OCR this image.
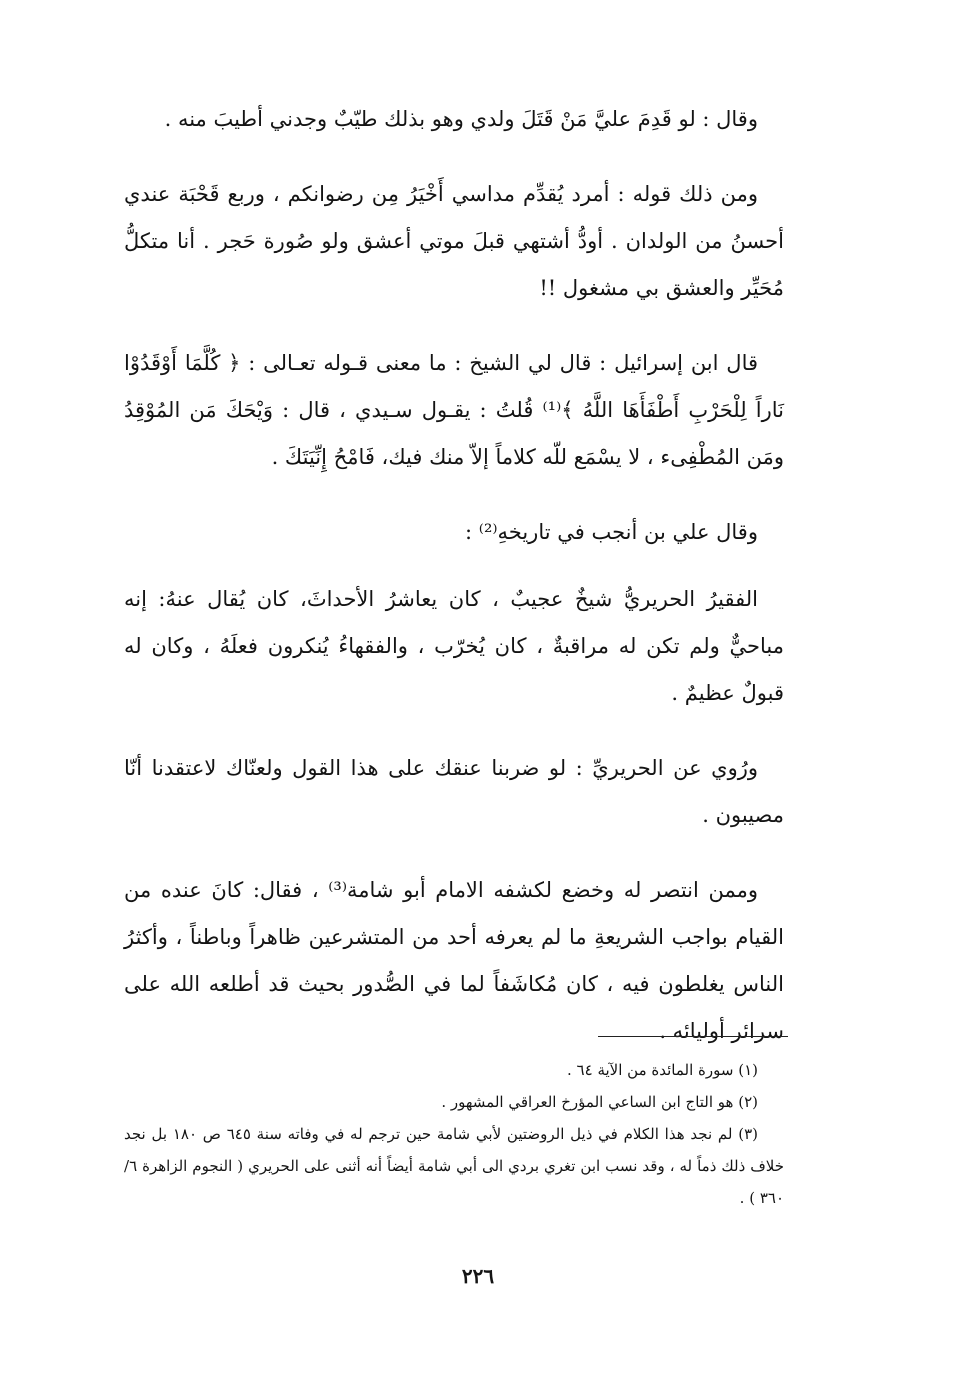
وقال : لو قَدِمَ عليَّ مَنْ قَتَلَ ولدي وهو بذلك طيّبٌ وجدني أطيبَ منه .

ومن ذلك قوله : أمرد يُقدِّم مداسي أَخْيَرُ مِن رضوانكم ، وربع قَحْبَة عندي أحسنُ من الولدان . أودُّ أشتهي قبلَ موتي أعشق ولو صُورة حَجر . أنا متكلُّ مُحَيِّر والعشق بي مشغول !!

قال ابن إسرائيل : قال لي الشيخ : ما معنى قـوله تعـالى : ﴿ كُلَّمَا أَوْقَدُوْا نَاراً لِلْحَرْبِ أَطْفَأَهَا اللَّهُ ﴾⁽¹⁾ قُلتُ : يقـول سـيدي ، قال : وَيْحَكَ مَن المُوْقِدُ ومَن المُطْفِىء ، لا يسْمَع للّه كلاماً إلاّ منك فيك، فَامْحُ إِنِّيَتَكَ .

وقال علي بن أنجب في تاريخهِ⁽²⁾ :

الفقيرُ الحريريُّ شيخٌ عجيبٌ ، كان يعاشرُ الأحداثَ، كان يُقال عنهُ: إنه مباحيٌّ ولم تكن له مراقبةٌ ، كان يُخرّب ، والفقهاءُ يُنكرون فعلَهُ ، وكان له قبولٌ عظيمٌ .

ورُوي عن الحريريِّ : لو ضربنا عنقك على هذا القول ولعنّاك لاعتقدنا أنّا مصيبون .

وممن انتصر له وخضع لكشفه الامام أبو شامة⁽³⁾ ، فقال: كانَ عنده من القيام بواجب الشريعةِ ما لم يعرفه أحد من المتشرعين ظاهراً وباطناً ، وأكثرُ الناس يغلطون فيه ، كان مُكاشَفاً لما في الصُّدور بحيث قد أطلعه الله على سرائر أوليائه .

(١) سورة المائدة من الآية ٦٤ .

(٢) هو التاج ابن الساعي المؤرخ العراقي المشهور .

(٣) لم نجد هذا الكلام في ذيل الروضتين لأبي شامة حين ترجم له في وفاته سنة ٦٤٥ ص ١٨٠ بل نجد خلاف ذلك ذماً له ، وقد نسب ابن تغري بردي الى أبي شامة أيضاً أنه أثنى على الحريري ( النجوم الزاهرة ٦/ ٣٦٠ ) .

٢٢٦
